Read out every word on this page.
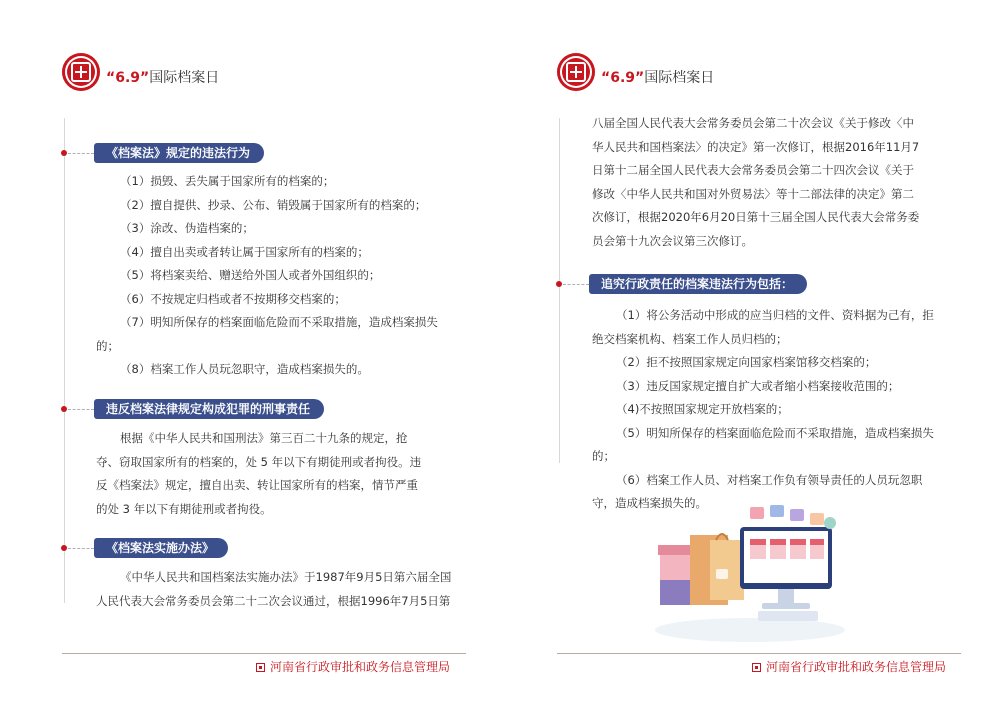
“6.9”国际档案日
《档案法》规定的违法行为

（1）损毁、丢失属于国家所有的档案的；

（2）擅自提供、抄录、公布、销毁属于国家所有的档案的；

（3）涂改、伪造档案的；

（4）擅自出卖或者转让属于国家所有的档案的；

（5）将档案卖给、赠送给外国人或者外国组织的；

（6）不按规定归档或者不按期移交档案的；

（7）明知所保存的档案面临危险而不采取措施，造成档案损失

的；

（8）档案工作人员玩忽职守，造成档案损失的。

违反档案法律规定构成犯罪的刑事责任

根据《中华人民共和国刑法》第三百二十九条的规定，抢

夺、窃取国家所有的档案的，处 5 年以下有期徒刑或者拘役。违

反《档案法》规定，擅自出卖、转让国家所有的档案，情节严重

的处 3 年以下有期徒刑或者拘役。

《档案法实施办法》

《中华人民共和国档案法实施办法》于1987年9月5日第六届全国

人民代表大会常务委员会第二十二次会议通过，根据1996年7月5日第

河南省行政审批和政务信息管理局
“6.9”国际档案日

八届全国人民代表大会常务委员会第二十次会议《关于修改〈中

华人民共和国档案法〉的决定》第一次修订，根据2016年11月7

日第十二届全国人民代表大会常务委员会第二十四次会议《关于

修改〈中华人民共和国对外贸易法〉等十二部法律的决定》第二

次修订，根据2020年6月20日第十三届全国人民代表大会常务委

员会第十九次会议第三次修订。

追究行政责任的档案违法行为包括：

（1）将公务活动中形成的应当归档的文件、资料据为己有，拒

绝交档案机构、档案工作人员归档的；

（2）拒不按照国家规定向国家档案馆移交档案的；

（3）违反国家规定擅自扩大或者缩小档案接收范围的；

（4)不按照国家规定开放档案的；

（5）明知所保存的档案面临危险而不采取措施，造成档案损失

的；

（6）档案工作人员、对档案工作负有领导责任的人员玩忽职

守，造成档案损失的。

河南省行政审批和政务信息管理局
